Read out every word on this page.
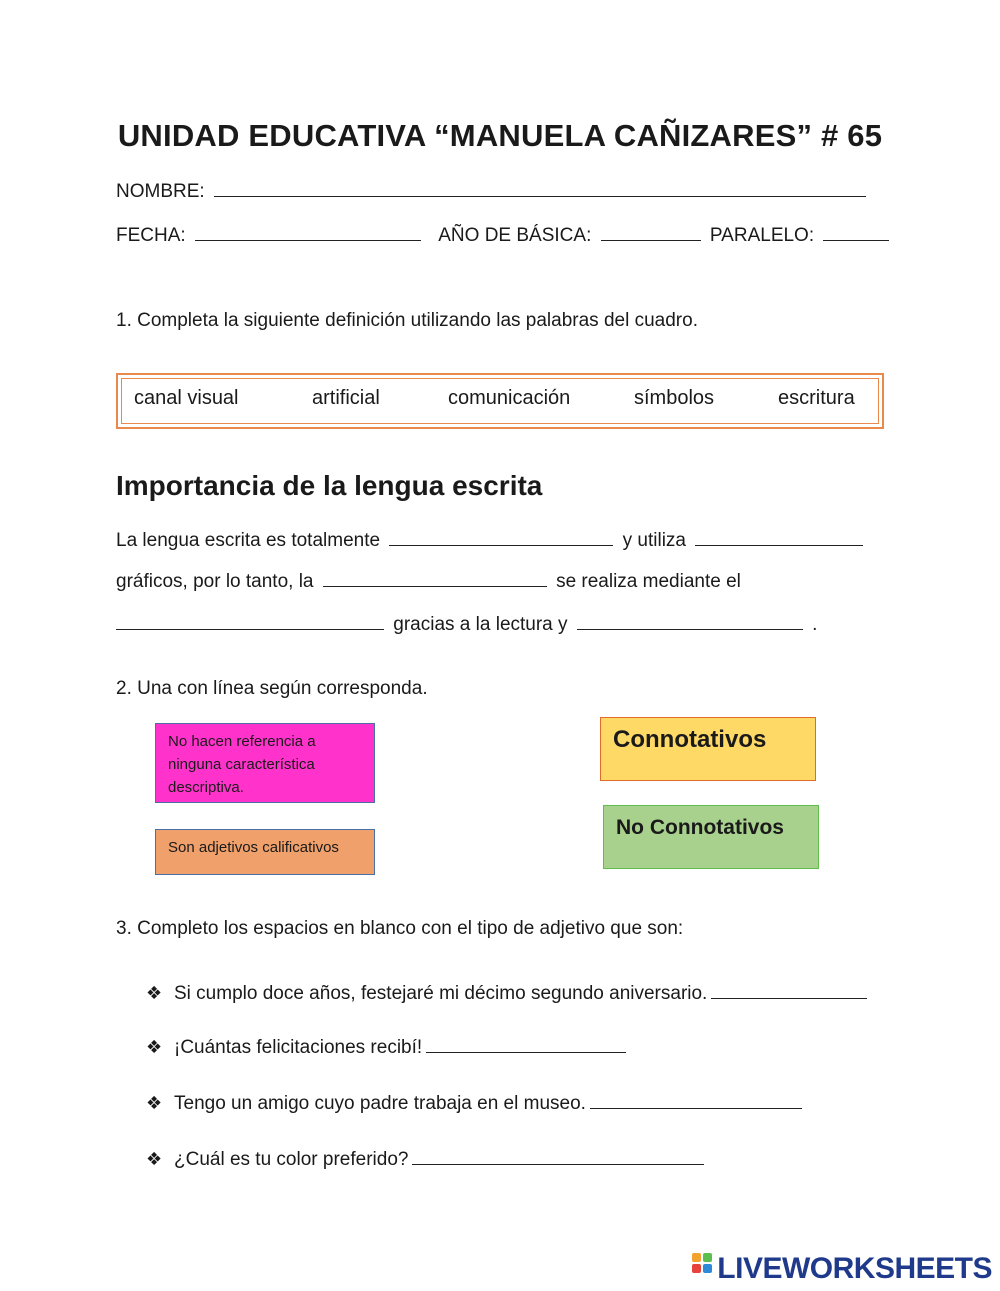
UNIDAD EDUCATIVA “MANUELA CAÑIZARES” # 65
NOMBRE:
FECHA:	AÑO DE BÁSICA:	PARALELO:
1. Completa la siguiente definición utilizando las palabras del cuadro.
canal visual	artificial	comunicación	símbolos	escritura
Importancia de la lengua escrita
La lengua escrita es totalmente	y utiliza
gráficos, por lo tanto, la	se realiza mediante el
gracias a la lectura y	.
2. Una con línea según corresponda.
No hacen referencia a ninguna característica descriptiva.
Son adjetivos calificativos
Connotativos
No Connotativos
3. Completo los espacios en blanco con el tipo de adjetivo que son:
❖ Si cumplo doce años, festejaré mi décimo segundo aniversario.
❖ ¡Cuántas felicitaciones recibí!
❖ Tengo un amigo cuyo padre trabaja en el museo.
❖ ¿Cuál es tu color preferido?
LIVEWORKSHEETS
